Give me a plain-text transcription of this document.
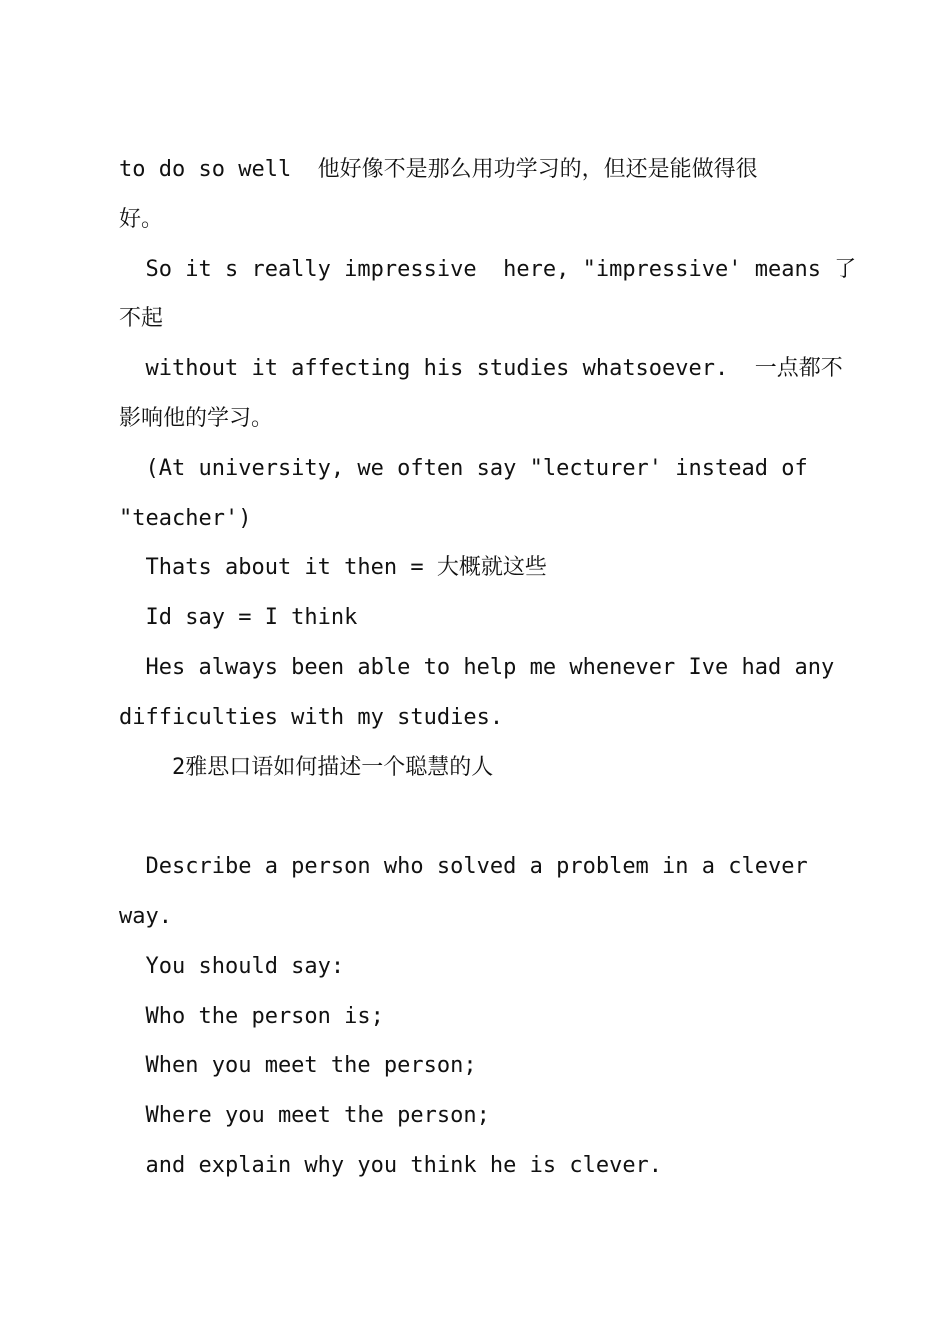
to do so well  他好像不是那么用功学习的，但还是能做得很
好。
So it s really impressive  here, "impressive' means 了
不起
without it affecting his studies whatsoever.  一点都不
影响他的学习。
(At university, we often say "lecturer' instead of
"teacher')
Thats about it then = 大概就这些
Id say = I think
Hes always been able to help me whenever Ive had any
difficulties with my studies.
2雅思口语如何描述一个聪慧的人
Describe a person who solved a problem in a clever
way.
You should say:
Who the person is;
When you meet the person;
Where you meet the person;
and explain why you think he is clever.
